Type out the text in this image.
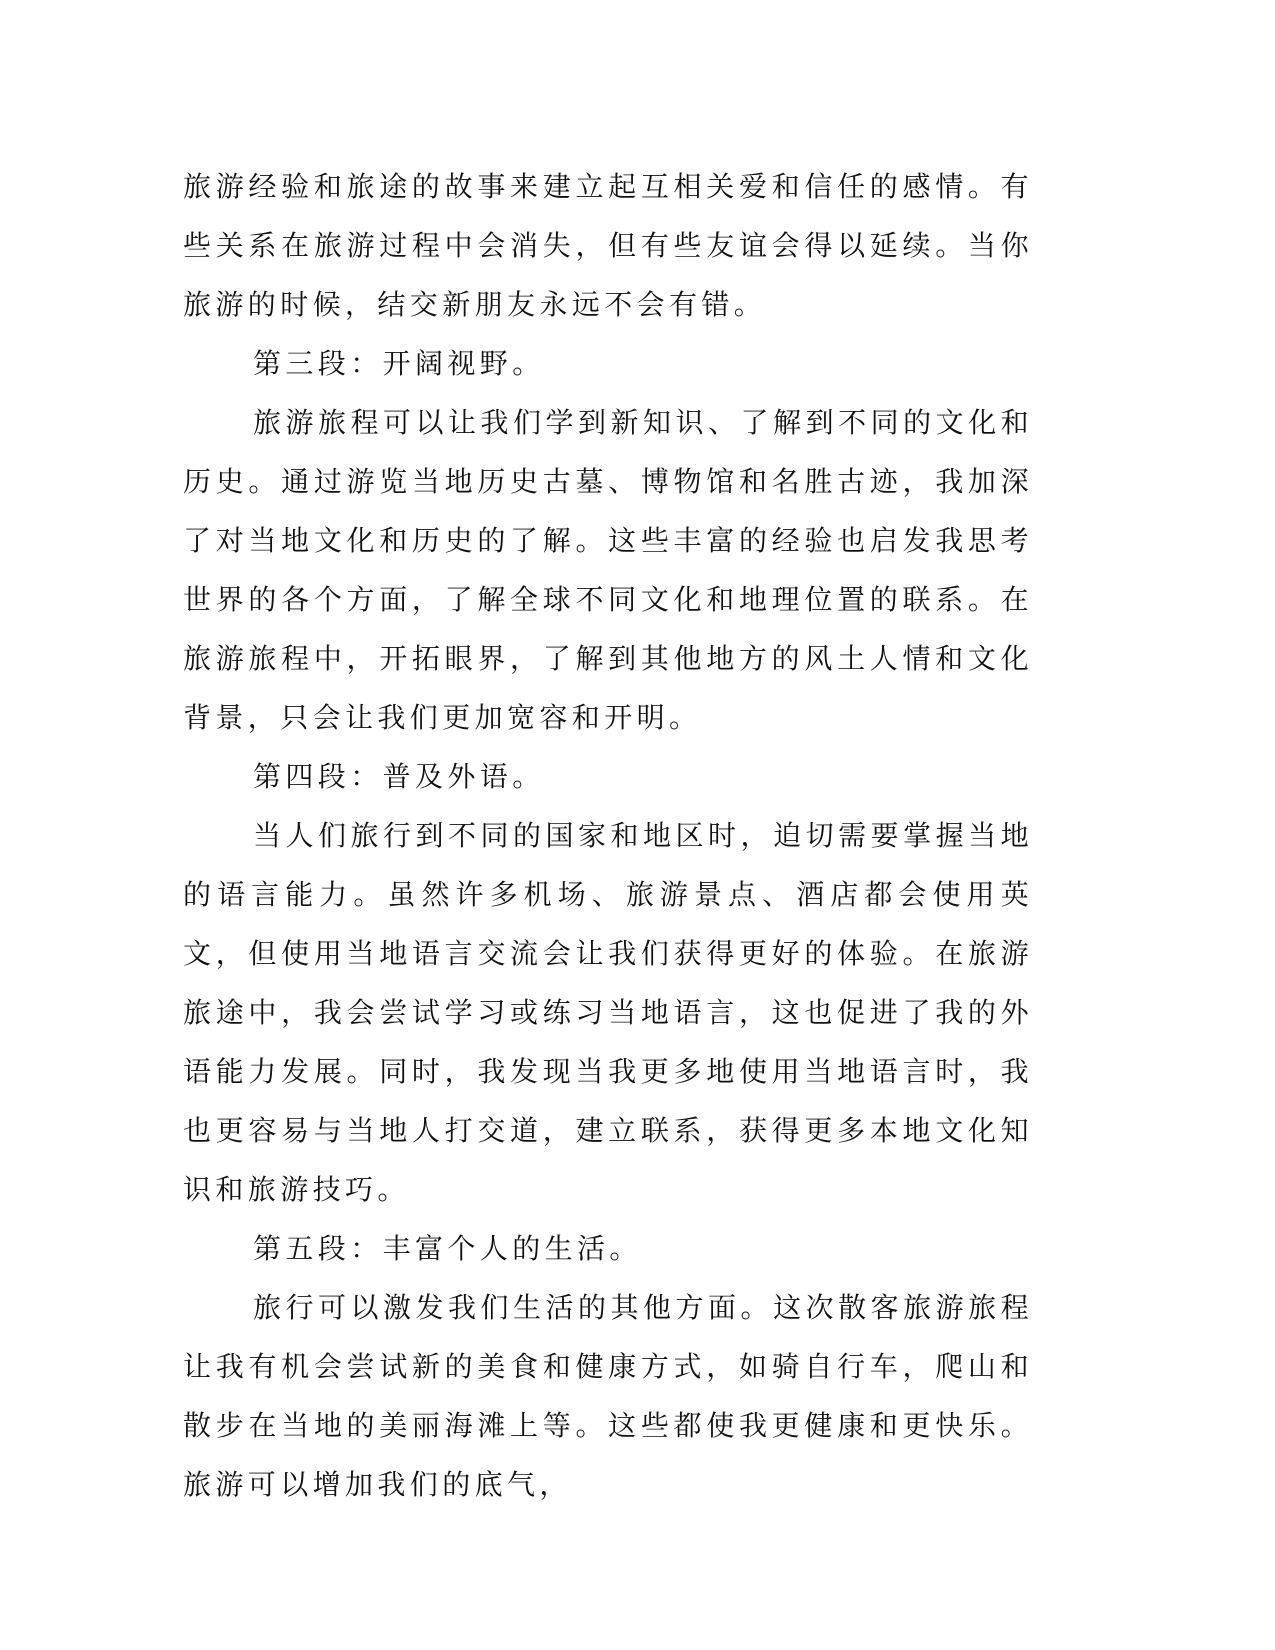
旅游经验和旅途的故事来建立起互相关爱和信任的感情。有些关系在旅游过程中会消失，但有些友谊会得以延续。当你旅游的时候，结交新朋友永远不会有错。

第三段：开阔视野。

旅游旅程可以让我们学到新知识、了解到不同的文化和历史。通过游览当地历史古墓、博物馆和名胜古迹，我加深了对当地文化和历史的了解。这些丰富的经验也启发我思考世界的各个方面，了解全球不同文化和地理位置的联系。在旅游旅程中，开拓眼界，了解到其他地方的风土人情和文化背景，只会让我们更加宽容和开明。

第四段：普及外语。

当人们旅行到不同的国家和地区时，迫切需要掌握当地的语言能力。虽然许多机场、旅游景点、酒店都会使用英文，但使用当地语言交流会让我们获得更好的体验。在旅游旅途中，我会尝试学习或练习当地语言，这也促进了我的外语能力发展。同时，我发现当我更多地使用当地语言时，我也更容易与当地人打交道，建立联系，获得更多本地文化知识和旅游技巧。

第五段：丰富个人的生活。

旅行可以激发我们生活的其他方面。这次散客旅游旅程让我有机会尝试新的美食和健康方式，如骑自行车，爬山和散步在当地的美丽海滩上等。这些都使我更健康和更快乐。旅游可以增加我们的底气，
